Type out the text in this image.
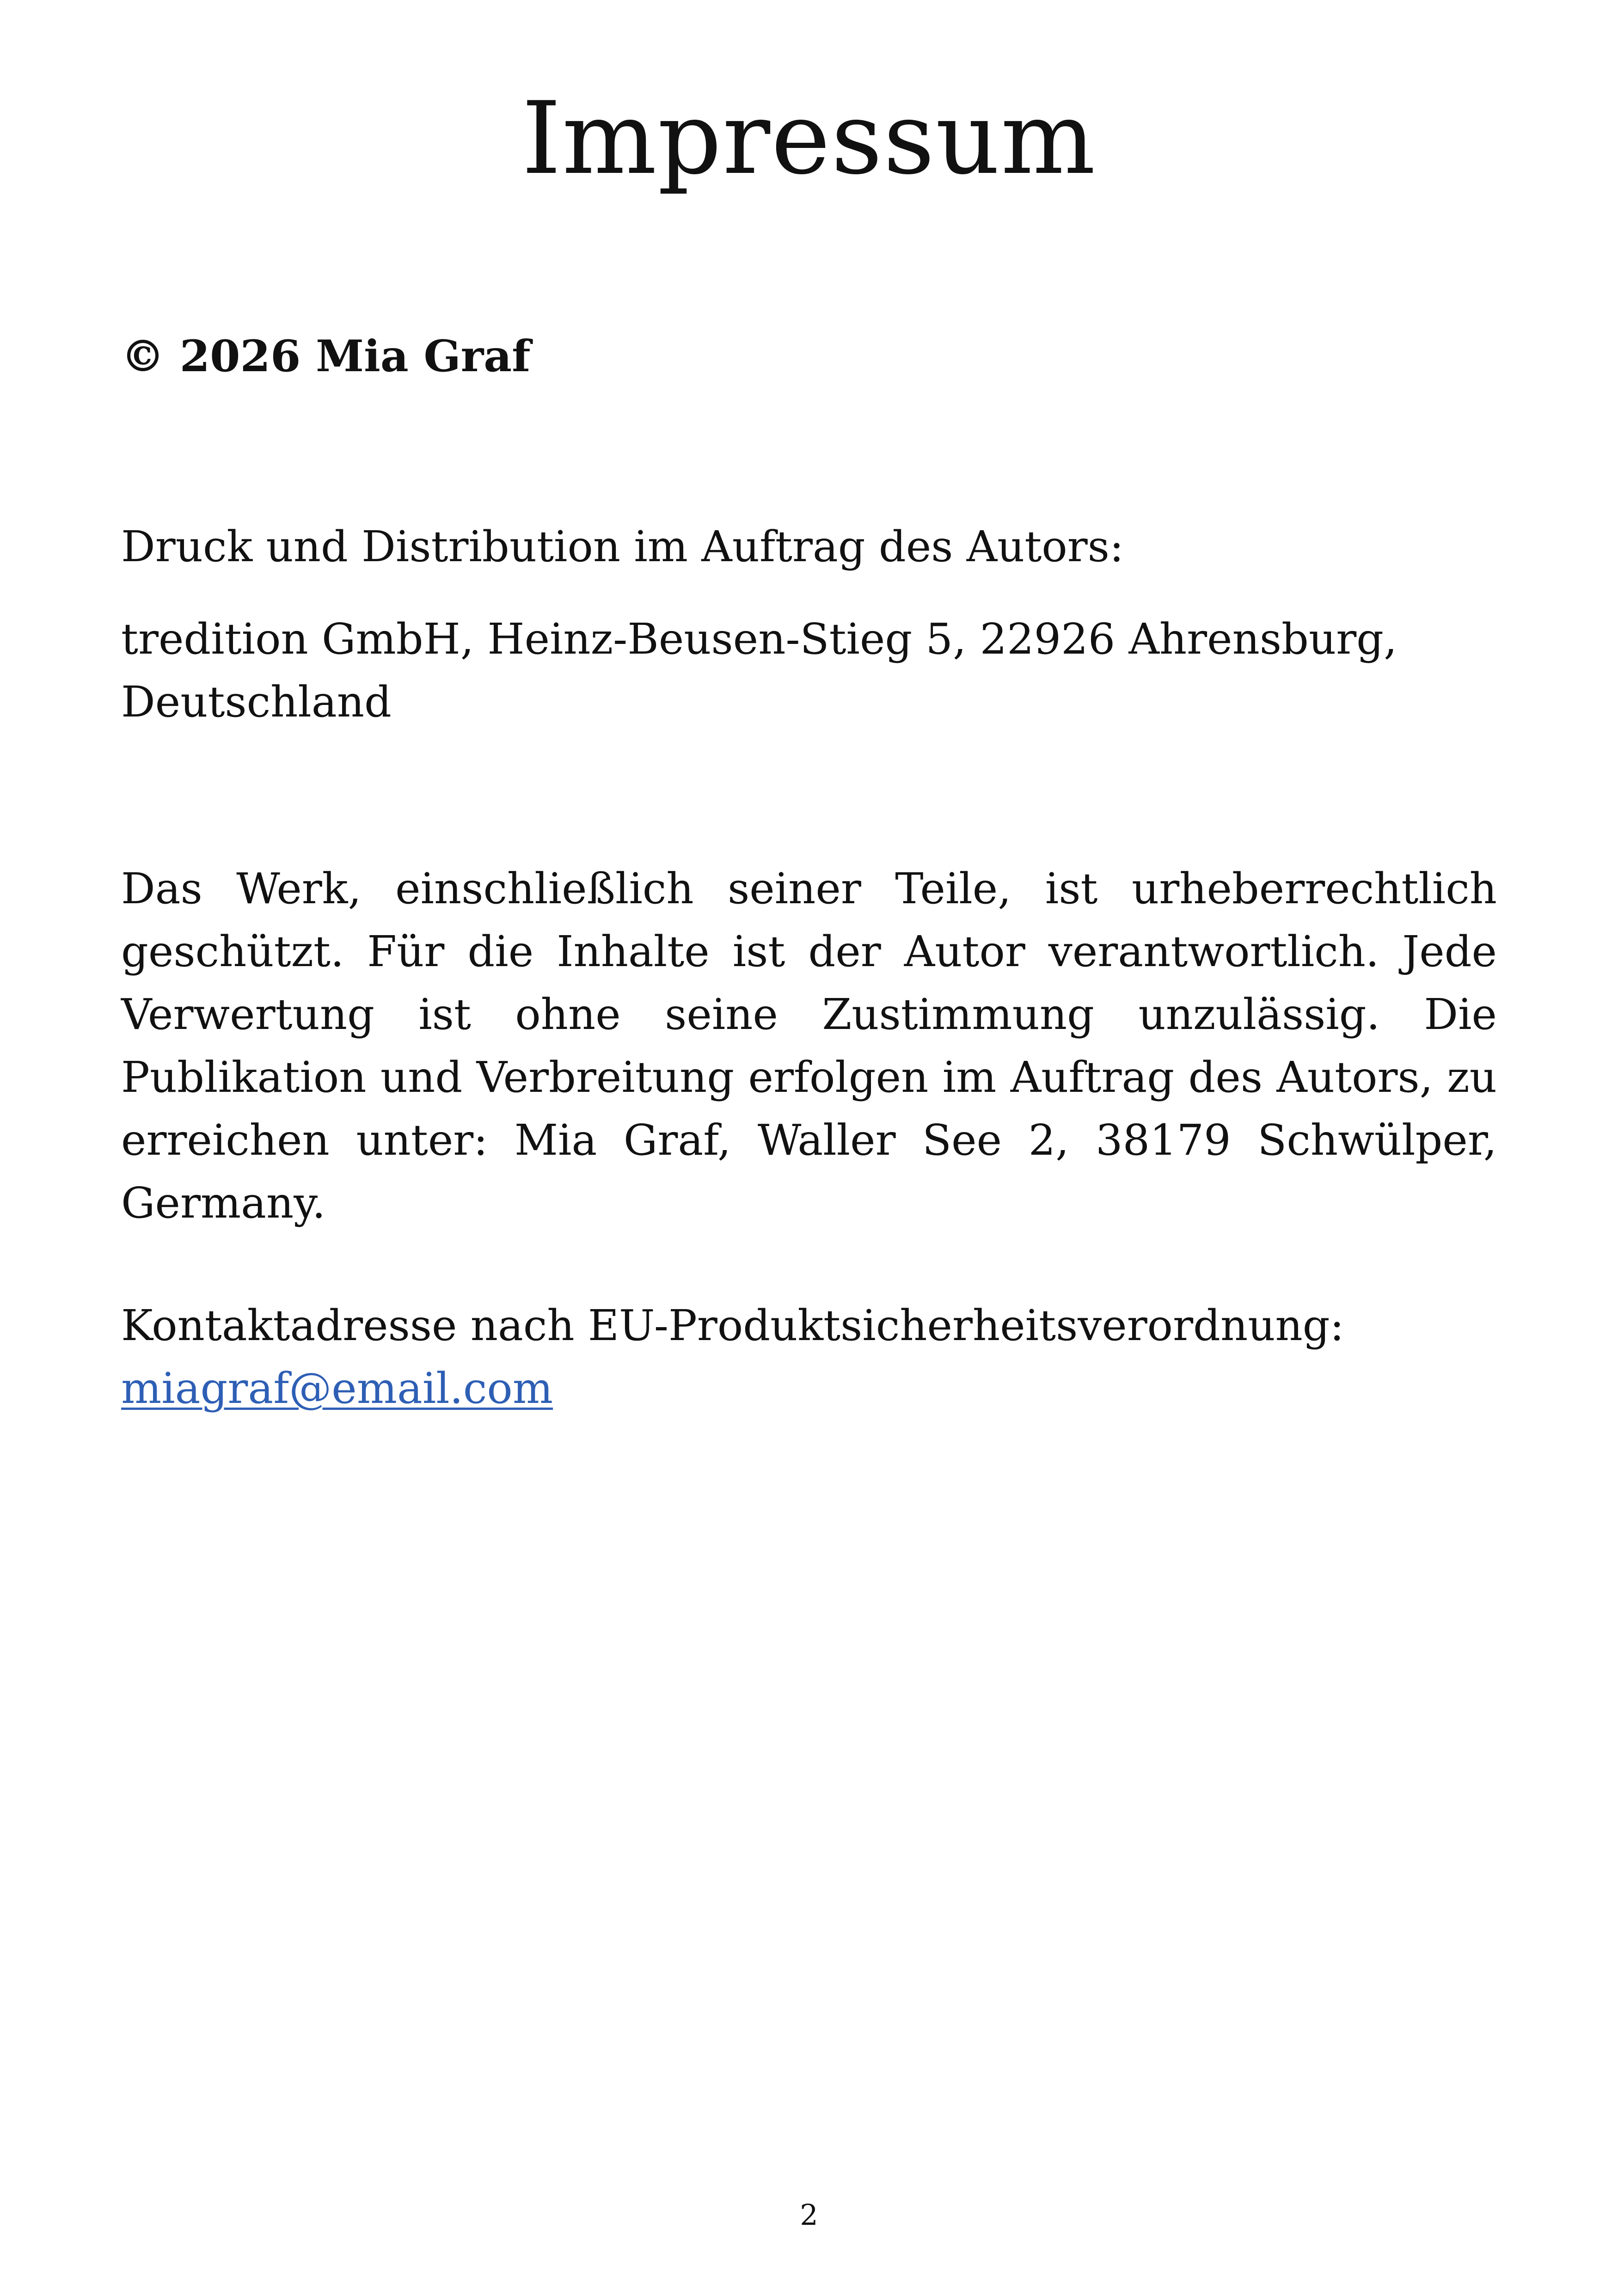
Impressum

© 2026 Mia Graf

Druck und Distribution im Auftrag des Autors:

tredition GmbH, Heinz-Beusen-Stieg 5, 22926 Ahrensburg,
Deutschland

Das Werk, einschließlich seiner Teile, ist urheberrechtlich geschützt. Für die Inhalte ist der Autor verantwortlich. Jede Verwertung ist ohne seine Zustimmung unzulässig. Die Publikation und Verbreitung erfolgen im Auftrag des Autors, zu erreichen unter: Mia Graf, Waller See 2, 38179 Schwülper, Germany.

Kontaktadresse nach EU-Produktsicherheitsverordnung:
miagraf@email.com

2
